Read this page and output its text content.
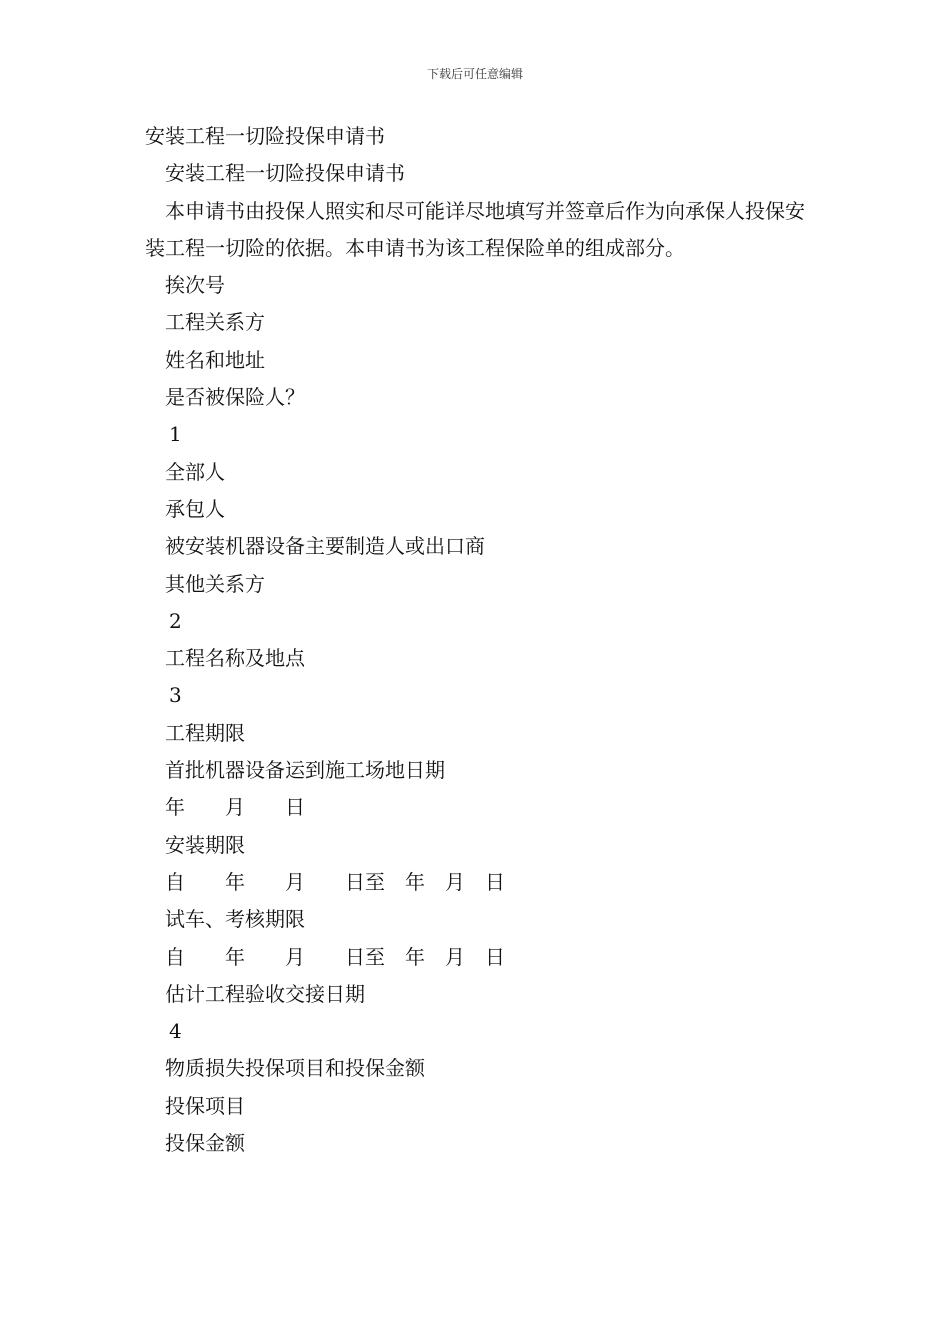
下载后可任意编辑

安装工程一切险投保申请书

安装工程一切险投保申请书

本申请书由投保人照实和尽可能详尽地填写并签章后作为向承保人投保安装工程一切险的依据。本申请书为该工程保险单的组成部分。

挨次号

工程关系方

姓名和地址

是否被保险人？

1

全部人

承包人

被安装机器设备主要制造人或出口商

其他关系方

2

工程名称及地点

3

工程期限

首批机器设备运到施工场地日期

年　　月　　日

安装期限

自　　年　　月　　日至　年　月　日

试车、考核期限

自　　年　　月　　日至　年　月　日

估计工程验收交接日期

4

物质损失投保项目和投保金额

投保项目

投保金额
